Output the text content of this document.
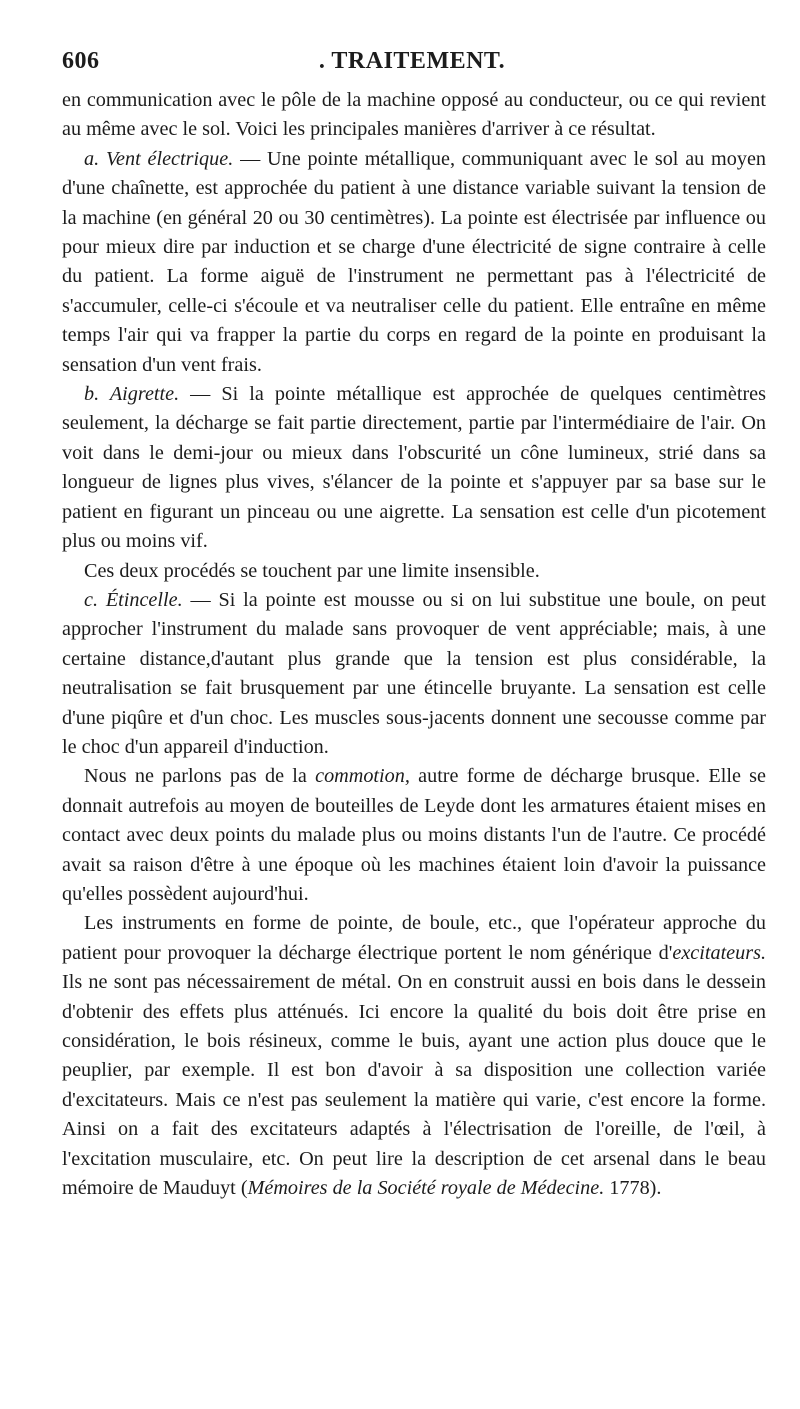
606	. TRAITEMENT.

en communication avec le pôle de la machine opposé au conducteur, ou ce qui revient au même avec le sol. Voici les principales manières d'arriver à ce résultat.

a. Vent électrique. — Une pointe métallique, communiquant avec le sol au moyen d'une chaînette, est approchée du patient à une distance variable suivant la tension de la machine (en général 20 ou 30 centimètres). La pointe est électrisée par influence ou pour mieux dire par induction et se charge d'une électricité de signe contraire à celle du patient. La forme aiguë de l'instrument ne permettant pas à l'électricité de s'accumuler, celle-ci s'écoule et va neutraliser celle du patient. Elle entraîne en même temps l'air qui va frapper la partie du corps en regard de la pointe en produisant la sensation d'un vent frais.

b. Aigrette. — Si la pointe métallique est approchée de quelques centimètres seulement, la décharge se fait partie directement, partie par l'intermédiaire de l'air. On voit dans le demi-jour ou mieux dans l'obscurité un cône lumineux, strié dans sa longueur de lignes plus vives, s'élancer de la pointe et s'appuyer par sa base sur le patient en figurant un pinceau ou une aigrette. La sensation est celle d'un picotement plus ou moins vif.

Ces deux procédés se touchent par une limite insensible.

c. Étincelle. — Si la pointe est mousse ou si on lui substitue une boule, on peut approcher l'instrument du malade sans provoquer de vent appréciable; mais, à une certaine distance,d'autant plus grande que la tension est plus considérable, la neutralisation se fait brusquement par une étincelle bruyante. La sensation est celle d'une piqûre et d'un choc. Les muscles sous-jacents donnent une secousse comme par le choc d'un appareil d'induction.

Nous ne parlons pas de la commotion, autre forme de décharge brusque. Elle se donnait autrefois au moyen de bouteilles de Leyde dont les armatures étaient mises en contact avec deux points du malade plus ou moins distants l'un de l'autre. Ce procédé avait sa raison d'être à une époque où les machines étaient loin d'avoir la puissance qu'elles possèdent aujourd'hui.

Les instruments en forme de pointe, de boule, etc., que l'opérateur approche du patient pour provoquer la décharge électrique portent le nom générique d'excitateurs. Ils ne sont pas nécessairement de métal. On en construit aussi en bois dans le dessein d'obtenir des effets plus atténués. Ici encore la qualité du bois doit être prise en considération, le bois résineux, comme le buis, ayant une action plus douce que le peuplier, par exemple. Il est bon d'avoir à sa disposition une collection variée d'excitateurs. Mais ce n'est pas seulement la matière qui varie, c'est encore la forme. Ainsi on a fait des excitateurs adaptés à l'électrisation de l'oreille, de l'œil, à l'excitation musculaire, etc. On peut lire la description de cet arsenal dans le beau mémoire de Mauduyt (Mémoires de la Société royale de Médecine. 1778).
